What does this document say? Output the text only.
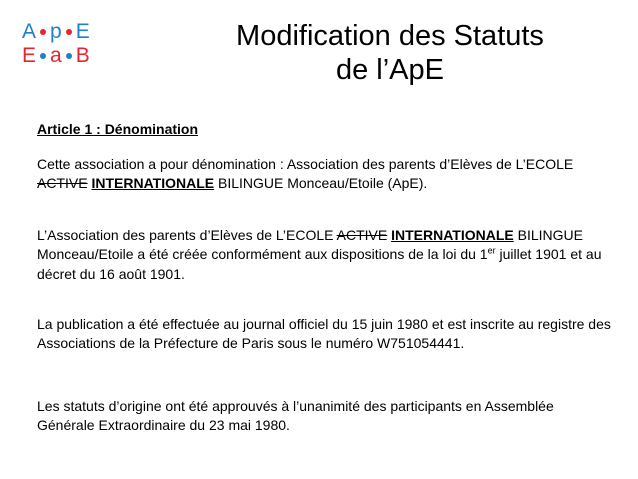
A p E
E a B
Modification des Statuts
de l’ApE
Article 1 : Dénomination
Cette association a pour dénomination : Association des parents d’Elèves de L’ECOLE ACTIVE INTERNATIONALE BILINGUE Monceau/Etoile (ApE).
L’Association des parents d’Elèves de L’ECOLE ACTIVE INTERNATIONALE BILINGUE Monceau/Etoile a été créée conformément aux dispositions de la loi du 1er juillet 1901 et au décret du 16 août 1901.
La publication a été effectuée au journal officiel du 15 juin 1980 et est inscrite au registre des Associations de la Préfecture de Paris sous le numéro W751054441.
Les statuts d’origine ont été approuvés à l’unanimité des participants en Assemblée Générale Extraordinaire du 23 mai 1980.
